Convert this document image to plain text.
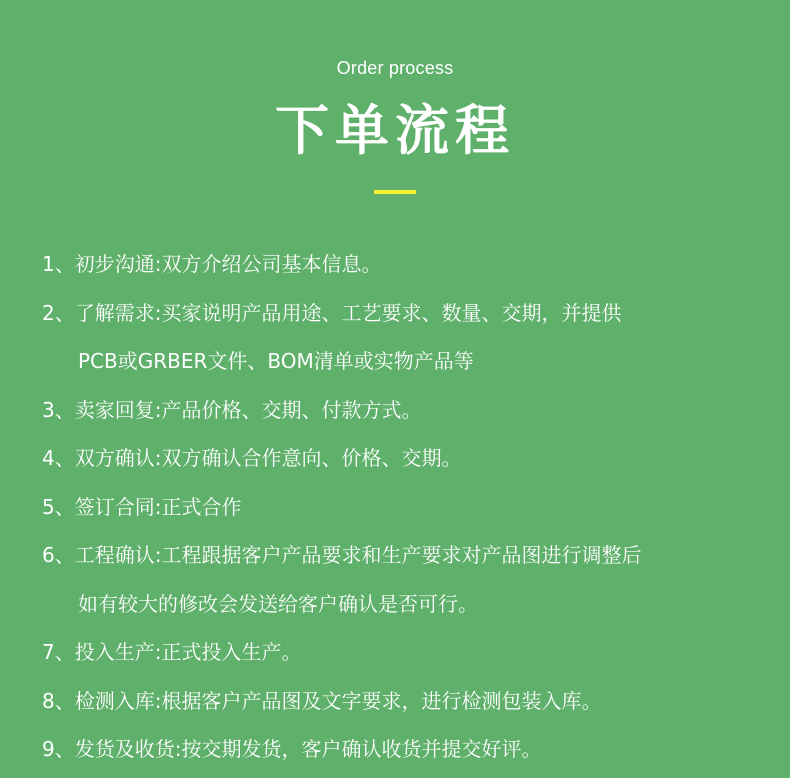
Order process
下单流程
1、初步沟通:双方介绍公司基本信息。
2、了解需求:买家说明产品用途、工艺要求、数量、交期，并提供
PCB或GRBER文件、BOM清单或实物产品等
3、卖家回复:产品价格、交期、付款方式。
4、双方确认:双方确认合作意向、价格、交期。
5、签订合同:正式合作
6、工程确认:工程跟据客户产品要求和生产要求对产品图进行调整后
如有较大的修改会发送给客户确认是否可行。
7、投入生产:正式投入生产。
8、检测入库:根据客户产品图及文字要求，进行检测包装入库。
9、发货及收货:按交期发货，客户确认收货并提交好评。
